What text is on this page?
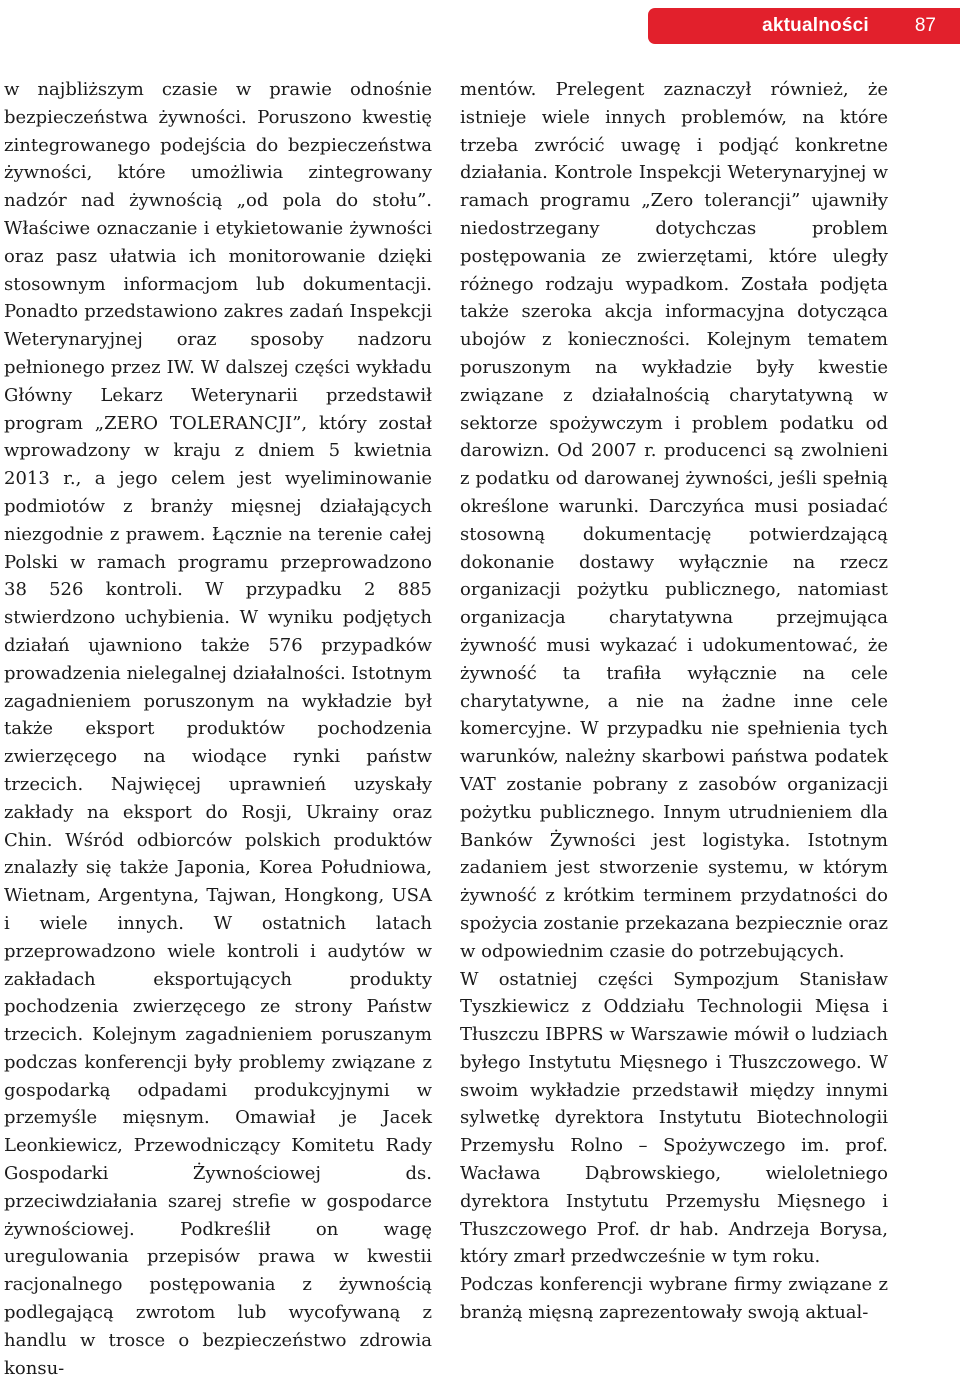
aktualności 87

w najbliższym czasie w prawie odnośnie bezpieczeństwa żywności. Poruszono kwestię zintegrowanego podejścia do bezpieczeństwa żywności, które umożliwia zintegrowany nadzór nad żywnością „od pola do stołu”. Właściwe oznaczanie i etykietowanie żywności oraz pasz ułatwia ich monitorowanie dzięki stosownym informacjom lub dokumentacji. Ponadto przedstawiono zakres zadań Inspekcji Weterynaryjnej oraz sposoby nadzoru pełnionego przez IW. W dalszej części wykładu Główny Lekarz Weterynarii przedstawił program „ZERO TOLERANCJI”, który został wprowadzony w kraju z dniem 5 kwietnia 2013 r., a jego celem jest wyeliminowanie podmiotów z branży mięsnej działających niezgodnie z prawem. Łącznie na terenie całej Polski w ramach programu przeprowadzono 38 526 kontroli. W przypadku 2 885 stwierdzono uchybienia. W wyniku podjętych działań ujawniono także 576 przypadków prowadzenia nielegalnej działalności. Istotnym zagadnieniem poruszonym na wykładzie był także eksport produktów pochodzenia zwierzęcego na wiodące rynki państw trzecich. Najwięcej uprawnień uzyskały zakłady na eksport do Rosji, Ukrainy oraz Chin. Wśród odbiorców polskich produktów znalazły się także Japonia, Korea Południowa, Wietnam, Argentyna, Tajwan, Hongkong, USA i wiele innych. W ostatnich latach przeprowadzono wiele kontroli i audytów w zakładach eksportujących produkty pochodzenia zwierzęcego ze strony Państw trzecich. Kolejnym zagadnieniem poruszanym podczas konferencji były problemy związane z gospodarką odpadami produkcyjnymi w przemyśle mięsnym. Omawiał je Jacek Leonkiewicz, Przewodniczący Komitetu Rady Gospodarki Żywnościowej ds. przeciwdziałania szarej strefie w gospodarce żywnościowej. Podkreślił on wagę uregulowania przepisów prawa w kwestii racjonalnego postępowania z żywnością podlegającą zwrotom lub wycofywaną z handlu w trosce o bezpieczeństwo zdrowia konsu-

mentów. Prelegent zaznaczył również, że istnieje wiele innych problemów, na które trzeba zwrócić uwagę i podjąć konkretne działania. Kontrole Inspekcji Weterynaryjnej w ramach programu „Zero tolerancji” ujawniły niedostrzegany dotychczas problem postępowania ze zwierzętami, które uległy różnego rodzaju wypadkom. Została podjęta także szeroka akcja informacyjna dotycząca ubojów z konieczności. Kolejnym tematem poruszonym na wykładzie były kwestie związane z działalnością charytatywną w sektorze spożywczym i problem podatku od darowizn. Od 2007 r. producenci są zwolnieni z podatku od darowanej żywności, jeśli spełnią określone warunki. Darczyńca musi posiadać stosowną dokumentację potwierdzającą dokonanie dostawy wyłącznie na rzecz organizacji pożytku publicznego, natomiast organizacja charytatywna przejmująca żywność musi wykazać i udokumentować, że żywność ta trafiła wyłącznie na cele charytatywne, a nie na żadne inne cele komercyjne. W przypadku nie spełnienia tych warunków, należny skarbowi państwa podatek VAT zostanie pobrany z zasobów organizacji pożytku publicznego. Innym utrudnieniem dla Banków Żywności jest logistyka. Istotnym zadaniem jest stworzenie systemu, w którym żywność z krótkim terminem przydatności do spożycia zostanie przekazana bezpiecznie oraz w odpowiednim czasie do potrzebujących.

W ostatniej części Sympozjum Stanisław Tyszkiewicz z Oddziału Technologii Mięsa i Tłuszczu IBPRS w Warszawie mówił o ludziach byłego Instytutu Mięsnego i Tłuszczowego. W swoim wykładzie przedstawił między innymi sylwetkę dyrektora Instytutu Biotechnologii Przemysłu Rolno – Spożywczego im. prof. Wacława Dąbrowskiego, wieloletniego dyrektora Instytutu Przemysłu Mięsnego i Tłuszczowego Prof. dr hab. Andrzeja Borysa, który zmarł przedwcześnie w tym roku.

Podczas konferencji wybrane firmy związane z branżą mięsną zaprezentowały swoją aktual-
